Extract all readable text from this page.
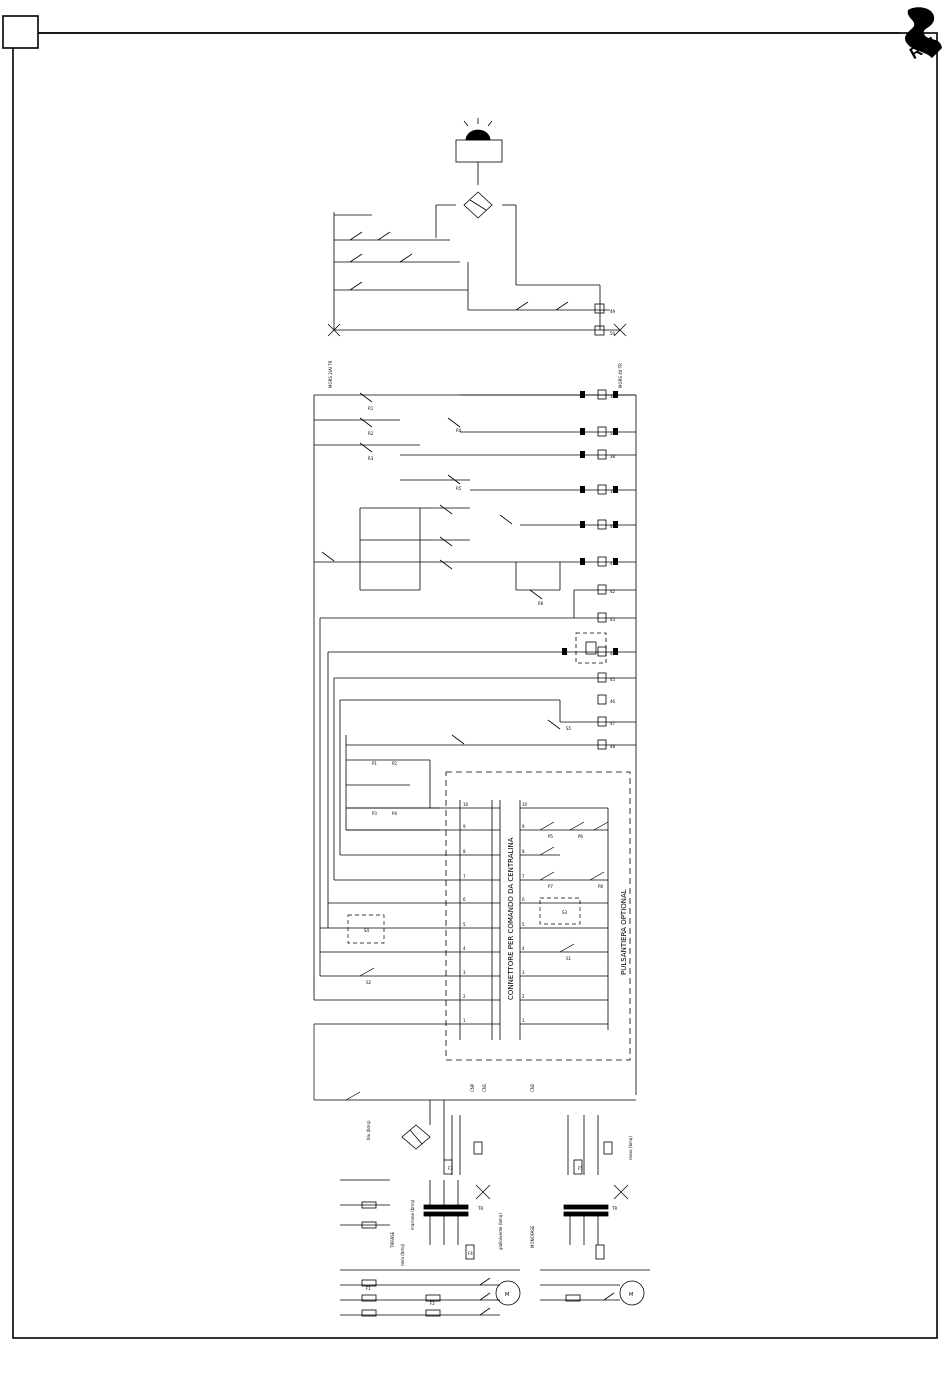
RAI
MORS 2/AI TR	MORS 4V TR
CONNETTORE PER COMANDO DA CENTRALINA	PULSANTIERA OPTIONAL
10
9
8
7
6
5
4
3
2
1
10
9
8
7
6
5
4
3
2
1
CNP CN1	CN2
TRIFASE	MONOFASE
blu (bmq)
marrone (bmq)
nero (bmq)
giallo/verde (bmq)
rosso (bmq)
R1
R2
R3
R4
R5
R6
P1	P2
P3	P4
P5	P6
P7	P8
S1
S2
S3
S4
S5
F1
F2
F3
F4
F5
M	M
TR	TR
36
37
38
39
40
41
42
43
44
45
46
47
48
49
50
